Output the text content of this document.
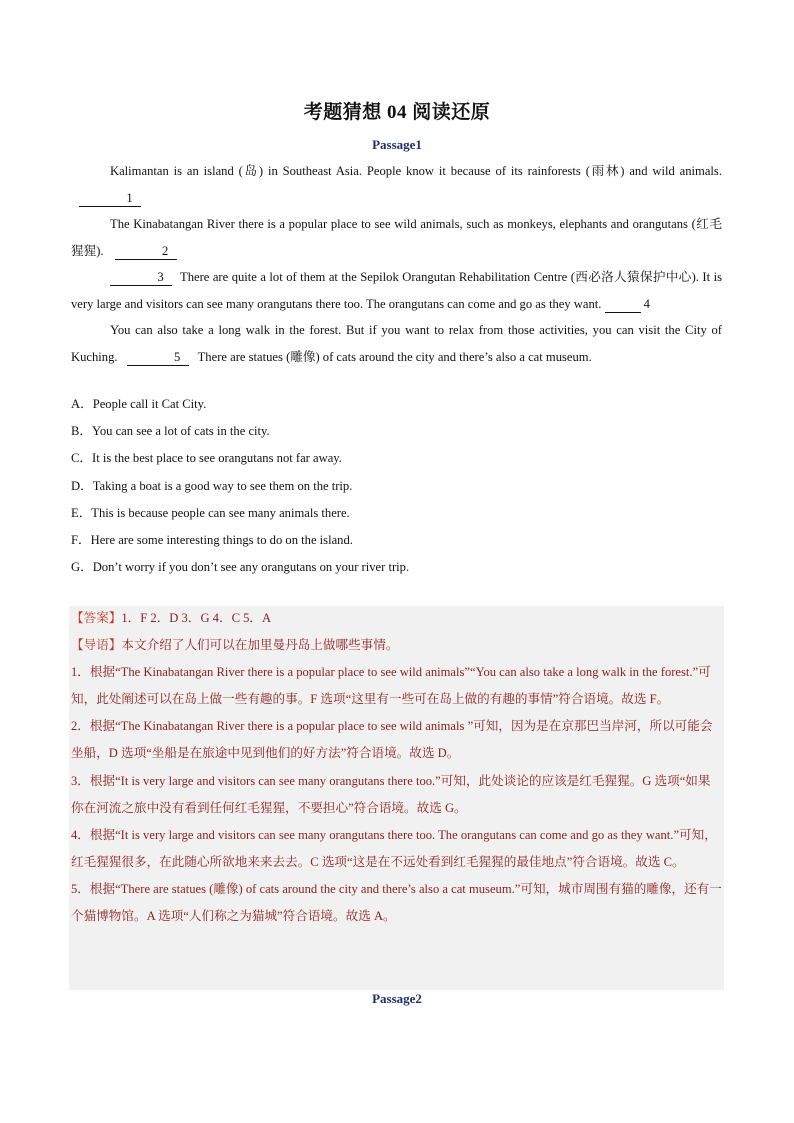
考题猜想 04 阅读还原
Passage1

Kalimantan is an island (岛) in Southeast Asia. People know it because of its rainforests (雨林) and wild animals. 1

The Kinabatangan River there is a popular place to see wild animals, such as monkeys, elephants and orangutans (红毛猩猩).	2

3 There are quite a lot of them at the Sepilok Orangutan Rehabilitation Centre (西必洛人猿保护中心). It is very large and visitors can see many orangutans there too. The orangutans can come and go as they want.	4

You can also take a long walk in the forest. But if you want to relax from those activities, you can visit the City of Kuching.	5 There are statues (雕像) of cats around the city and there’s also a cat museum.

A．People call it Cat City.

B．You can see a lot of cats in the city.

C．It is the best place to see orangutans not far away.

D．Taking a boat is a good way to see them on the trip.

E．This is because people can see many animals there.

F．Here are some interesting things to do on the island.

G．Don’t worry if you don’t see any orangutans on your river trip.

【答案】1．F 2．D 3．G 4．C 5．A

【导语】本文介绍了人们可以在加里曼丹岛上做哪些事情。

1．根据“The Kinabatangan River there is a popular place to see wild animals”“You can also take a long walk in the forest.”可知，此处阐述可以在岛上做一些有趣的事。F 选项“这里有一些可在岛上做的有趣的事情”符合语境。故选 F。

2．根据“The Kinabatangan River there is a popular place to see wild animals ”可知，因为是在京那巴当岸河，所以可能会坐船，D 选项“坐船是在旅途中见到他们的好方法”符合语境。故选 D。

3．根据“It is very large and visitors can see many orangutans there too.”可知，此处谈论的应该是红毛猩猩。G 选项“如果你在河流之旅中没有看到任何红毛猩猩，不要担心”符合语境。故选 G。

4．根据“It is very large and visitors can see many orangutans there too. The orangutans can come and go as they want.”可知，红毛猩猩很多，在此随心所欲地来来去去。C 选项“这是在不远处看到红毛猩猩的最佳地点”符合语境。故选 C。

5．根据“There are statues (雕像) of cats around the city and there’s also a cat museum.”可知，城市周围有猫的雕像，还有一个猫博物馆。A 选项“人们称之为猫城”符合语境。故选 A。

Passage2
